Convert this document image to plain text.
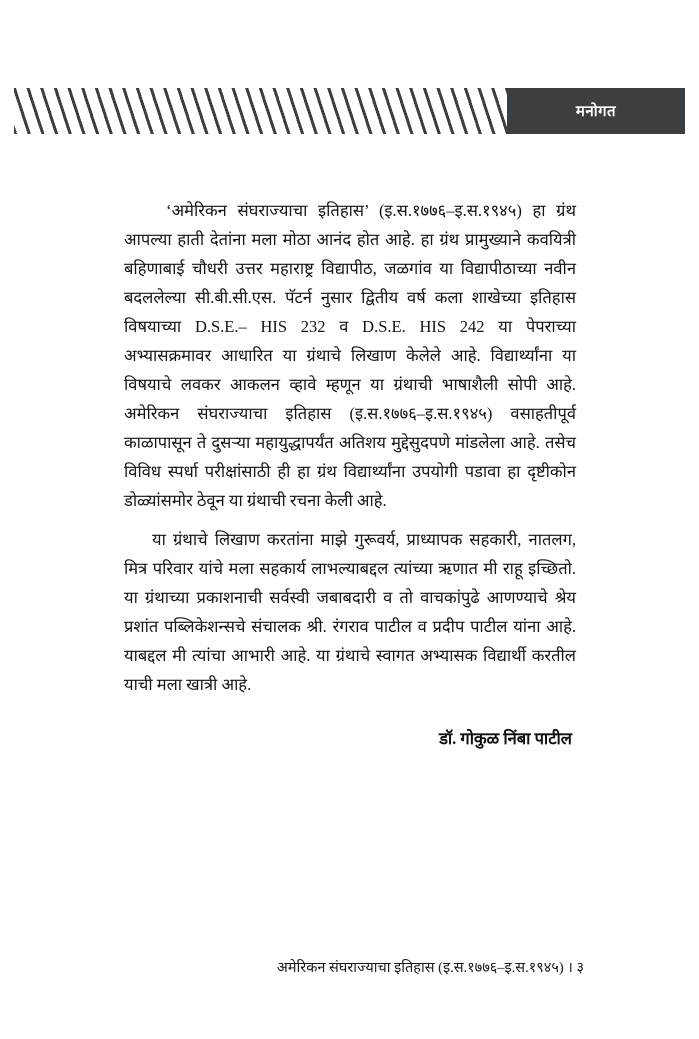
मनोगत

‘अमेरिकन संघराज्याचा इतिहास’ (इ.स.१७७६–इ.स.१९४५) हा ग्रंथ आपल्या हाती देतांना मला मोठा आनंद होत आहे. हा ग्रंथ प्रामुख्याने कवयित्री बहिणाबाई चौधरी उत्तर महाराष्ट्र विद्यापीठ, जळगांव या विद्यापीठाच्या नवीन बदललेल्या सी.बी.सी.एस. पॅटर्न नुसार द्वितीय वर्ष कला शाखेच्या इतिहास विषयाच्या D.S.E.– HIS 232 व D.S.E. HIS 242 या पेपराच्या अभ्यासक्रमावर आधारित या ग्रंथाचे लिखाण केलेले आहे. विद्यार्थ्यांना या विषयाचे लवकर आकलन व्हावे म्हणून या ग्रंथाची भाषाशैली सोपी आहे. अमेरिकन संघराज्याचा इतिहास (इ.स.१७७६–इ.स.१९४५) वसाहतीपूर्व काळापासून ते दुसऱ्या महायुद्धापर्यंत अतिशय मुद्देसुदपणे मांडलेला आहे. तसेच विविध स्पर्धा परीक्षांसाठी ही हा ग्रंथ विद्यार्थ्यांना उपयोगी पडावा हा दृष्टीकोन डोळ्यांसमोर ठेवून या ग्रंथाची रचना केली आहे.

या ग्रंथाचे लिखाण करतांना माझे गुरूवर्य, प्राध्यापक सहकारी, नातलग, मित्र परिवार यांचे मला सहकार्य लाभल्याबद्दल त्यांच्या ऋणात मी राहू इच्छितो. या ग्रंथाच्या प्रकाशनाची सर्वस्वी जबाबदारी व तो वाचकांपुढे आणण्याचे श्रेय प्रशांत पब्लिकेशन्सचे संचालक श्री. रंगराव पाटील व प्रदीप पाटील यांना आहे. याबद्दल मी त्यांचा आभारी आहे. या ग्रंथाचे स्वागत अभ्यासक विद्यार्थी करतील याची मला खात्री आहे.

डॉ. गोकुळ निंबा पाटील
अमेरिकन संघराज्याचा इतिहास (इ.स.१७७६–इ.स.१९४५) । ३
